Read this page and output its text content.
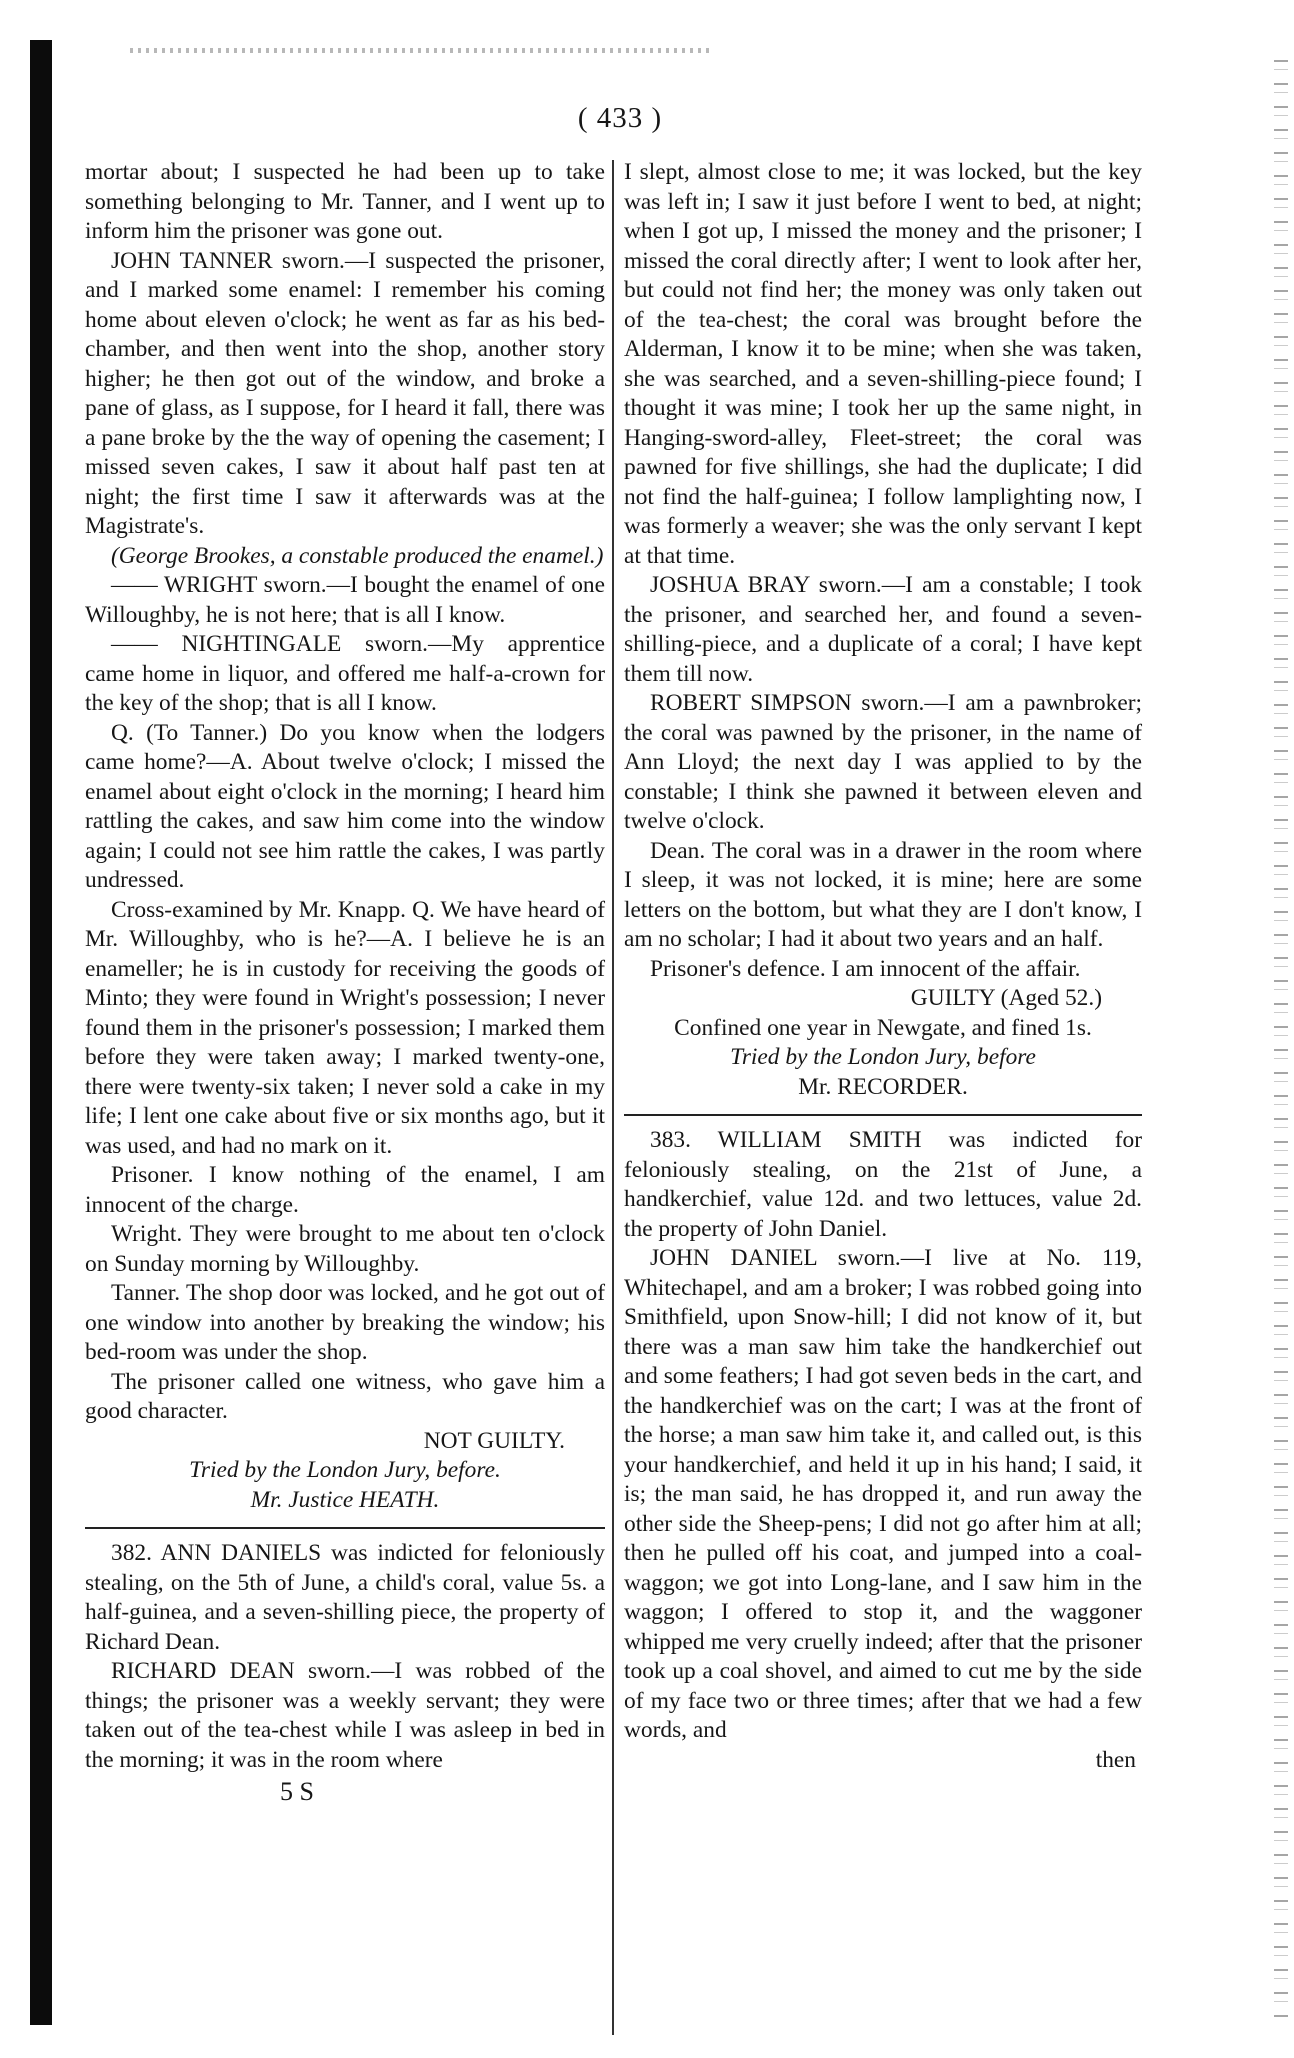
( 433 )

mortar about; I suspected he had been up to take something belonging to Mr. Tanner, and I went up to inform him the prisoner was gone out.

JOHN TANNER sworn.—I suspected the prisoner, and I marked some enamel: I remember his coming home about eleven o'clock; he went as far as his bed-chamber, and then went into the shop, another story higher; he then got out of the window, and broke a pane of glass, as I suppose, for I heard it fall, there was a pane broke by the the way of opening the casement; I missed seven cakes, I saw it about half past ten at night; the first time I saw it afterwards was at the Magistrate's.

(George Brookes, a constable produced the enamel.)

—— WRIGHT sworn.—I bought the enamel of one Willoughby, he is not here; that is all I know.

—— NIGHTINGALE sworn.—My apprentice came home in liquor, and offered me half-a-crown for the key of the shop; that is all I know.

Q. (To Tanner.) Do you know when the lodgers came home?—A. About twelve o'clock; I missed the enamel about eight o'clock in the morning; I heard him rattling the cakes, and saw him come into the window again; I could not see him rattle the cakes, I was partly undressed.

Cross-examined by Mr. Knapp. Q. We have heard of Mr. Willoughby, who is he?—A. I believe he is an enameller; he is in custody for receiving the goods of Minto; they were found in Wright's possession; I never found them in the prisoner's possession; I marked them before they were taken away; I marked twenty-one, there were twenty-six taken; I never sold a cake in my life; I lent one cake about five or six months ago, but it was used, and had no mark on it.

Prisoner. I know nothing of the enamel, I am innocent of the charge.

Wright. They were brought to me about ten o'clock on Sunday morning by Willoughby.

Tanner. The shop door was locked, and he got out of one window into another by breaking the window; his bed-room was under the shop.

The prisoner called one witness, who gave him a good character.

NOT GUILTY.

Tried by the London Jury, before.

Mr. Justice HEATH.

382. ANN DANIELS was indicted for feloniously stealing, on the 5th of June, a child's coral, value 5s. a half-guinea, and a seven-shilling piece, the property of Richard Dean.

RICHARD DEAN sworn.—I was robbed of the things; the prisoner was a weekly servant; they were taken out of the tea-chest while I was asleep in bed in the morning; it was in the room where

5 S

I slept, almost close to me; it was locked, but the key was left in; I saw it just before I went to bed, at night; when I got up, I missed the money and the prisoner; I missed the coral directly after; I went to look after her, but could not find her; the money was only taken out of the tea-chest; the coral was brought before the Alderman, I know it to be mine; when she was taken, she was searched, and a seven-shilling-piece found; I thought it was mine; I took her up the same night, in Hanging-sword-alley, Fleet-street; the coral was pawned for five shillings, she had the duplicate; I did not find the half-guinea; I follow lamplighting now, I was formerly a weaver; she was the only servant I kept at that time.

JOSHUA BRAY sworn.—I am a constable; I took the prisoner, and searched her, and found a seven-shilling-piece, and a duplicate of a coral; I have kept them till now.

ROBERT SIMPSON sworn.—I am a pawnbroker; the coral was pawned by the prisoner, in the name of Ann Lloyd; the next day I was applied to by the constable; I think she pawned it between eleven and twelve o'clock.

Dean. The coral was in a drawer in the room where I sleep, it was not locked, it is mine; here are some letters on the bottom, but what they are I don't know, I am no scholar; I had it about two years and an half.

Prisoner's defence. I am innocent of the affair.

GUILTY (Aged 52.)

Confined one year in Newgate, and fined 1s.

Tried by the London Jury, before

Mr. RECORDER.

383. WILLIAM SMITH was indicted for feloniously stealing, on the 21st of June, a handkerchief, value 12d. and two lettuces, value 2d. the property of John Daniel.

JOHN DANIEL sworn.—I live at No. 119, Whitechapel, and am a broker; I was robbed going into Smithfield, upon Snow-hill; I did not know of it, but there was a man saw him take the handkerchief out and some feathers; I had got seven beds in the cart, and the handkerchief was on the cart; I was at the front of the horse; a man saw him take it, and called out, is this your handkerchief, and held it up in his hand; I said, it is; the man said, he has dropped it, and run away the other side the Sheep-pens; I did not go after him at all; then he pulled off his coat, and jumped into a coal-waggon; we got into Long-lane, and I saw him in the waggon; I offered to stop it, and the waggoner whipped me very cruelly indeed; after that the prisoner took up a coal shovel, and aimed to cut me by the side of my face two or three times; after that we had a few words, and

then
